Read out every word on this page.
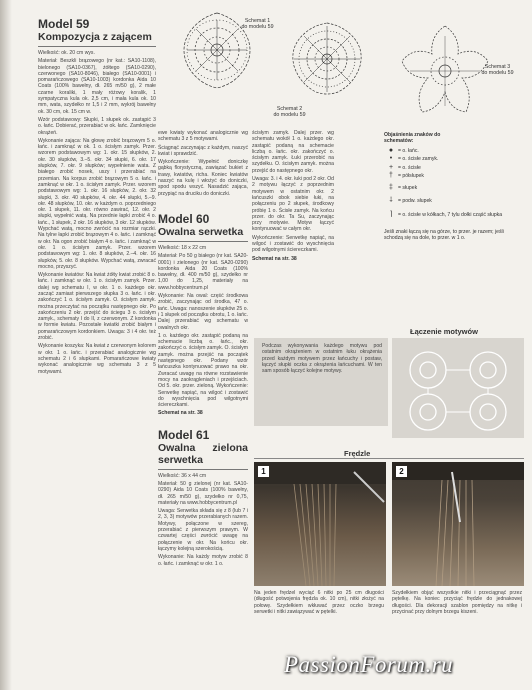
Model 59
Kompozycja z zającem

Wielkość: ok. 20 cm wys.

Materiał: Beszkli brązowego (nr kat.: SA10-1108), bielonego (SA10-0367), żółtego (SA10-0290), czerwonego (SA10-8046), białego (SA10-0001) i pomarańczowego (SA10-1003) kordonka Aida 10 Coats (100% bawełny, dł. 265 m/50 g), 2 małe czarne koraliki, 1 mały różowy koralik, 1 sympatyczna kula ok. 2,5 cm, i mała kula ok. 10 mm, wata, szydełko nr 1,5 i 2 mm, wykrój bawełny ok. 30 cm, ok. 15 cm w.

Wzór podstawowy: Słupki, 1 słupek ok. zastąpić 3 o. łańc. Dobierać, przerabiać w ok. łańc. Zamknięcie okrążeń.

Wykonanie zająca: Na głowę zrobić brązowym 5 o. łańc. i zamknąć w ok. 1 o. ścisłym zamyk. Przer. wzorem podstawowym wg: 1. okr. 15 słupków, 2. okr. 30 słupków, 3.–5. okr. 34 słupki, 6. okr. 17 słupków, 7. okr. 9 słupków; wypełnienie wata. Z białego zrobić nosek, uszy i przerabiać na przemian. Na korpus zrobić brązowym 5 o. łańc. i zamknąć w okr. 1 o. ścisłym zamyk. Przer. wzorem podstawowym wg: 1. okr. 16 słupków, 2. okr. 32 słupki, 3. okr. 40 słupków, 4. okr. 44 słupki, 5.–9. okr. 48 słupków, 10. okr. w każdym o. poprzedniego okr. 1 słupek, 11. okr. równo zawirać, 12. okr. 2 słupki, wypełnić watą. Na przednie łapki zrobić 4 o. łańc., 1 słupek, 2 okr. 16 słupków, 3 okr. 12 słupków. Wypchać watą, mocno zwrócić na rozmiar rączki. Na tylne łapki zrobić brązowym 4 o. łańc. i zamknąć w okr. Na ogon zrobić białym 4 o. łańc. i zamknąć w okr. 1 o. ścisłym zamyk. Przer. wzorem podstawowym wg: 1. okr. 8 słupków, 2.–4. okr. 16 słupków, 5. okr. 8 słupków. Wypchać watą, zwracać mocno, przyszyć.

Wykonanie kwiatów: Na kwiat żółty kwiat zrobić 8 o. łańc. i zamknąć w okr. 1 o. ścisłym zamyk. Przer. dalej wg schematu I, w okr. 1 o. każdego okr. zacząć zamiast pierwszego słupka 3 o. łańc. i okr. zakończyć 1 o. ścisłym zamyk. O. ścisłym zamyk. można przeczytać na początku następnego okr. Po zakończeniu 2 okr. przejść do ściegu 3 o. ścisłym zamyk., schematy I do II, z czerwonym. Z kordonka w formie kwiatu. Pozostałe kwiatki zrobić białym i pomarańczowym kordonkiem. Uwaga: 3 i 4 okr. też zrobić.

Wykonanie koszyka: Na kwiat z czerwonym kolorem w okr. 1 o. łańc. i przerabiać analogicznie wg schematu 2 i 6 słupkami. Pomarańczowe kwiaty wykonać analogicznie wg schematu 3 z 5 motywami.

ewe kwiaty wykonać analogicznie wg schematu 3 z 5 motywami.

Ściągnąć zaczynając z każdym, naszyć kwiat i sprawdzić.

Wykończenie: Wypełnić doniczkę gąbką florystyczną, zawiązać bukiet z trawy, kwiatów, richa. Koniec kwiatów naszyć na kulę i włożyć do doniczki, spod spodu wszyć. Nasadzić zająca, przypiąć na druciku do doniczki.

Model 60
Owalna serwetka

Wielkość: 18 x 22 cm

Materiał: Po 50 g białego (nr kat. SA20-0001) i zielonego (nr kat. SA20-0290) kordonka Aida 20 Coats (100% bawełny, dł. 400 m/50 g), szydełko nr 1,00 do 1,25, materiały na www.hobbycentrum.pl

Wykonanie: Na owal: część środkowa zrobić, zaczynając od środka, 47 o. łańc. Uwaga: nanoszenie słupków 25 o. i 1 słupek od początku obrotu, 1 o. łańc. Dalej przerabiać wg schematu w owalnych okr.

1 o. każdego okr. zastąpić podaną na schemacie liczbą o. łańc., okr. zakończyć o. ścisłym zamyk. O. ścisłym zamyk. można przejść na początek następnego okr. Podany wzór łańcuszka kontynuować prawo na okr. Zwracać uwagę na równe rozstawienie mocy na zaokrągleniach i przejściach. Od 5. okr. przer. zieloną. Wykończenie: Serwetkę napiąć, na wilgoć i zostawić do wyschnięcia pod wilgotnymi ściereczkami.

Schemat na str. 38

Model 61
Owalna zielona serwetka

Wielkość: 36 x 44 cm

Materiał: 50 g zielonej (nr kat. SA10-0290) Aida 10 Coats (100% bawełny, dł. 265 m/50 g), szydełko nr 0,75, materiały na www.hobbycentrum.pl

Uwaga: Serwetka składa się z 8 (lub 7 i 2, 3, 3) motywów przerabianych razem. Motywy, połączone w szereg, przerabiać z pierwszym prawym. W czwartej części zwrócić uwagę na połączenie w okr. Na końcu okr. łączymy kolejną szerokością.

Wykonanie: Na każdy motyw zrobić 8 o. łańc. i zamknąć w okr. 1 o.

ścisłym zamyk. Dalej przer. wg schematu wokół 1 o. każdego okr. zastąpić podaną na schemacie liczbą o. łańc. okr. zakończyć o. ścisłym zamyk. Łuki przerobić na szydełku. O. ścisłym zamyk. można przejść do następnego okr.

Uwaga: 3. i 4. okr. łuki pod 2 okr. Od 2 motywu łączyć z poprzednim motywem w ostatnim okr. 2 łańcuszki obok siebie łuki, na połączeniu po 2 słupek, środkowy próbię 1 o. Ścisłe zamyk. Na końcu przer. do okr. Ta Su, zaczynając przy motywie. Motyw łączyć kontynuować w całym okr.

Wykończenie: Serwetkę napiąć, na wilgoć i zostawić do wyschnięcia pod wilgotnymi ściereczkami.

Schemat na str. 38

Schemat 1
do modelu 59
Schemat 2
do modelu 59
Schemat 3
do modelu 59
Objaśnienia znaków do schematów:
● = o. łańc.
•	= o. ścisłe zamyk.
+ = o. ścisłe
† = półsłupek
‡ = słupek
⸸	= podw. słupek
⌉	= o. ścisłe w kółkach, 7 tylu dołki cząść słupka
Jeśli znaki łączą się na górze, to przer. je razem; jeśli schodzą się na dole, to przer. w 1 o.
Łączenie motywów
Podczas wykonywania każdego motywu pod ostatnim okrążeniem w ostatnim łuku okrążenia przed każdym motywem przez łańcuchy i postaw, łączyć słupki oczka z okrążenia łańcuchami. W ten sam sposób łączyć kolejne motywy.
Frędzle
1	2
Na jeden frędzel wyciąć 6 nitki po 25 cm długości (długość potwojenia frędzla ok. 10 cm), nitki złożyć na połowę. Szydełkiem wkłuwać przez oczko brzegu serwetki i nitki zawiązywać w pętelki.
Szydełkiem objąć wszystkie nitki i przeciągnąć przez pętelkę. Na koniec przyciąć frędzle do jednakowej długości. Dla dekoracji szablon pomiędzy na nitkę i przycinać przy dolnym brzegu kiszeni.
PassionForum.ru
